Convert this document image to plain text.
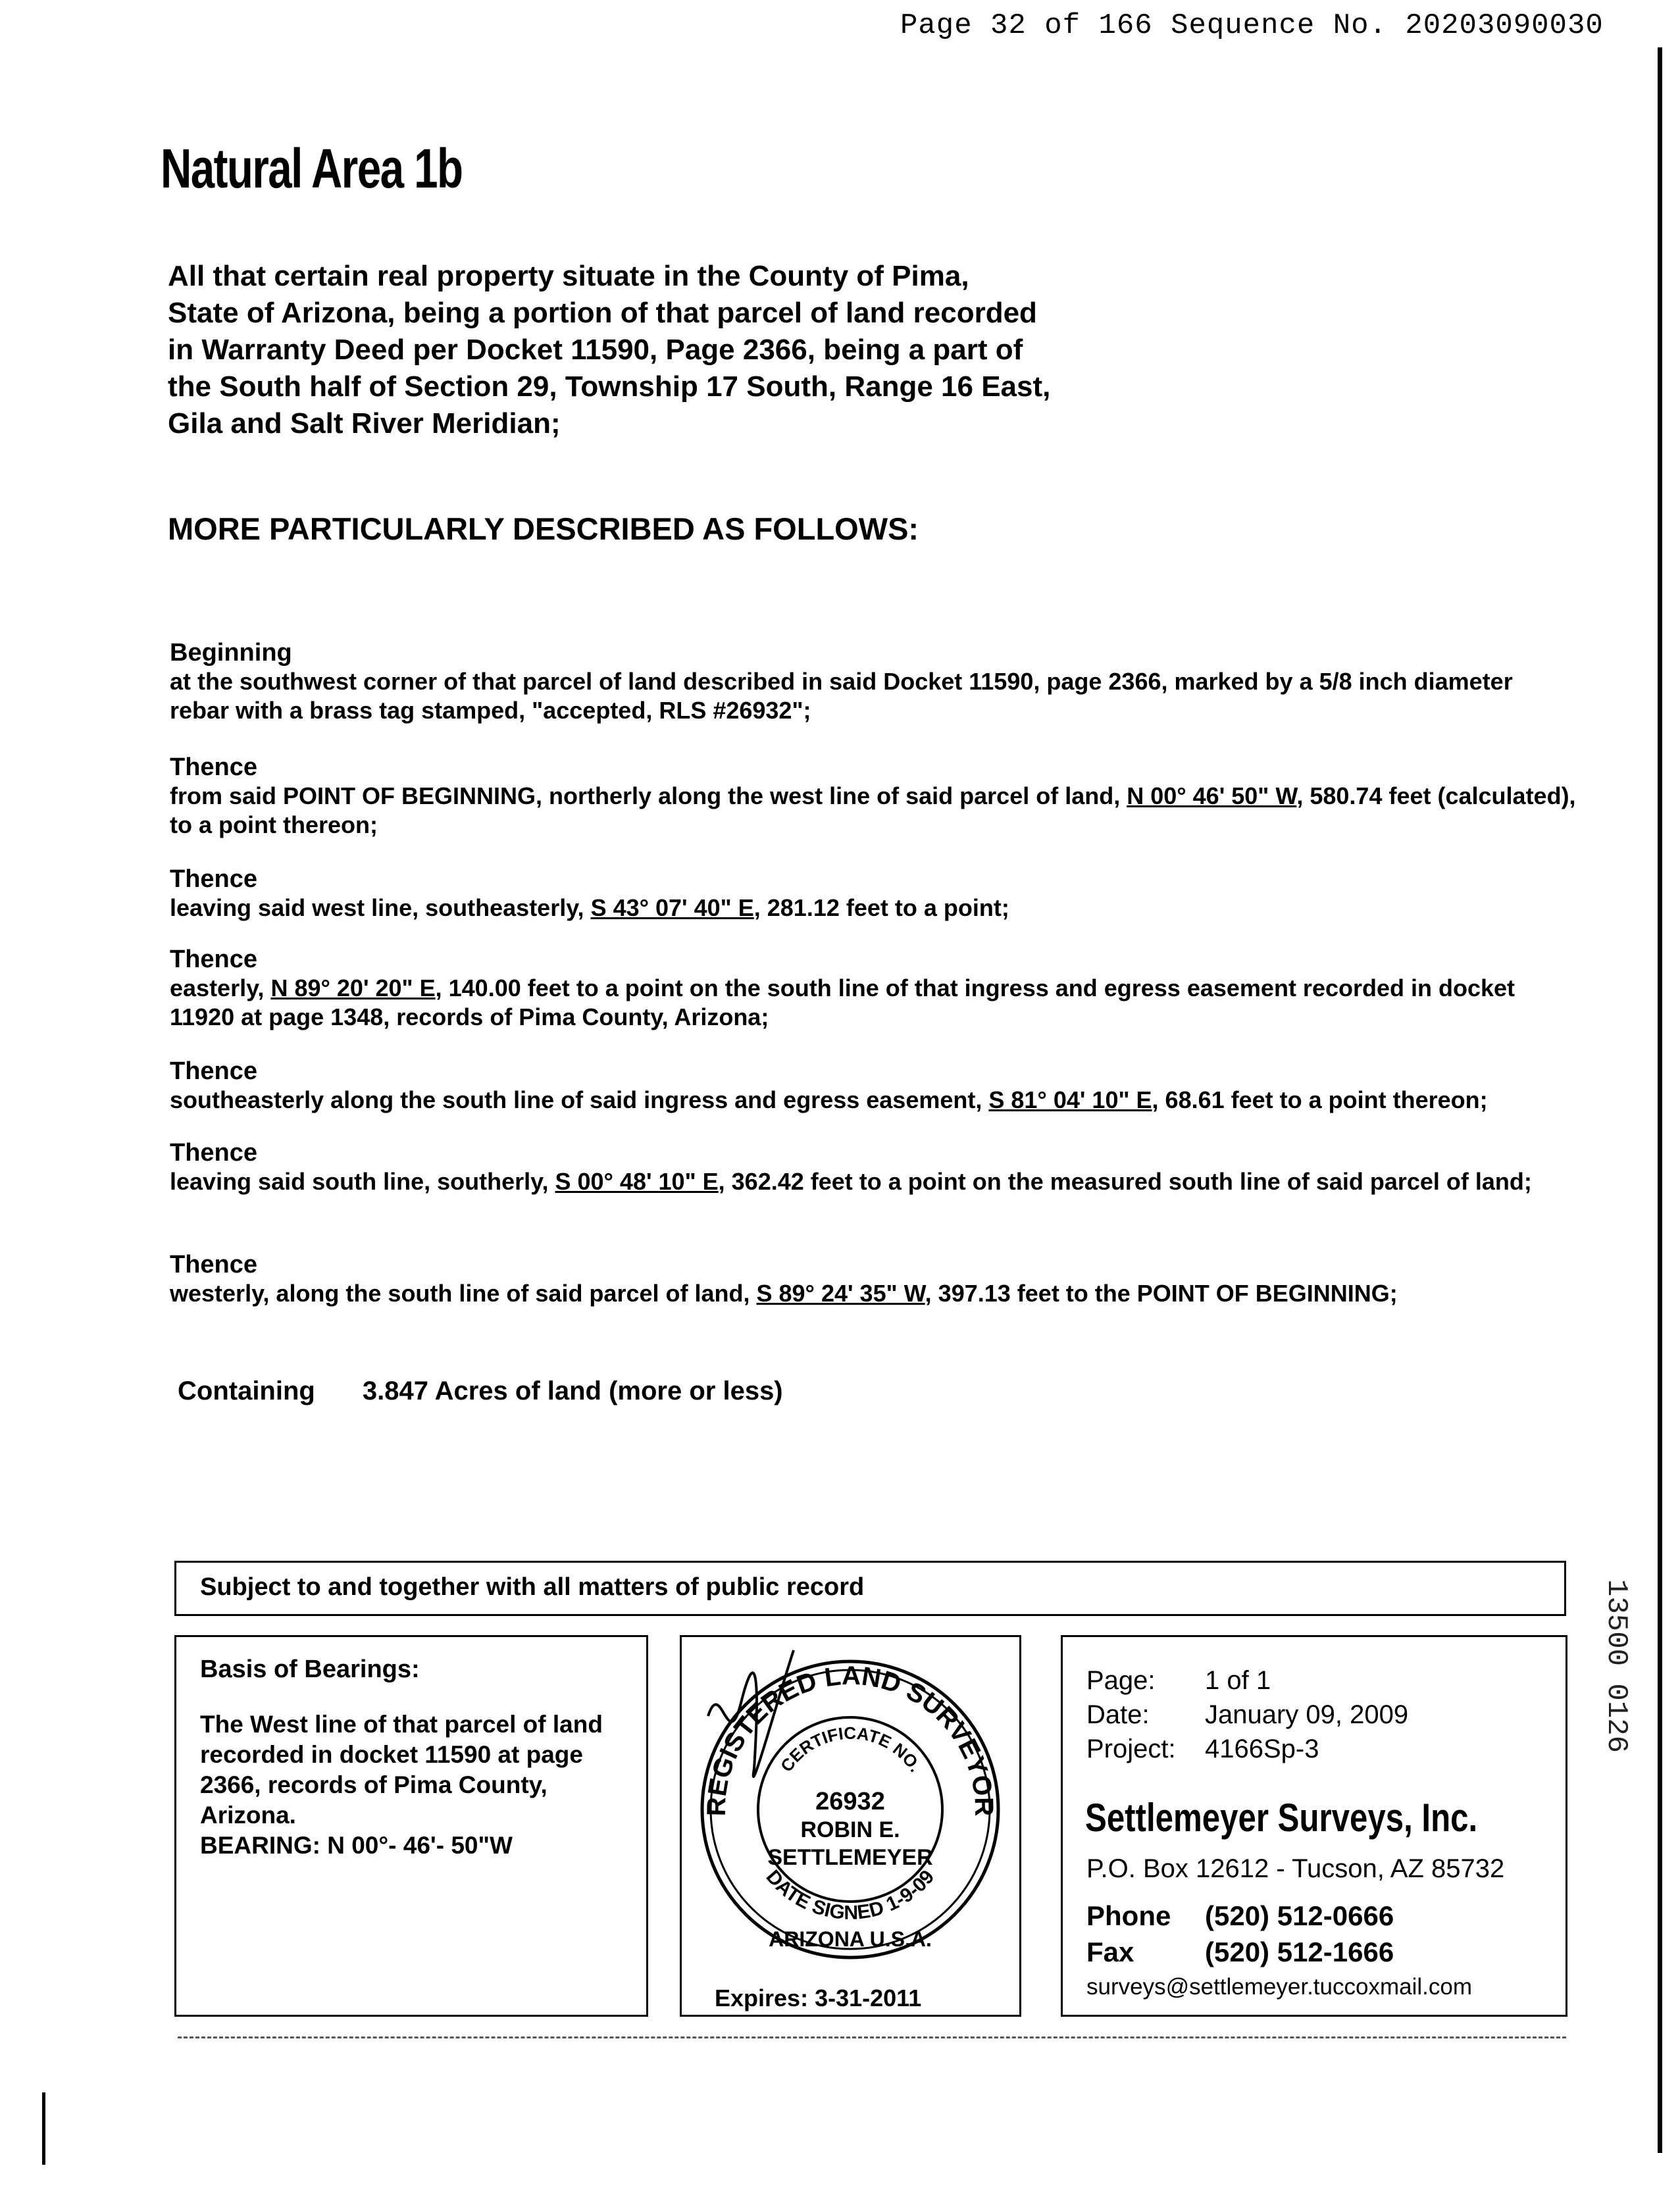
Page 32 of 166 Sequence No. 20203090030
Natural Area 1b
All that certain real property situate in the County of Pima,
State of Arizona, being a portion of that parcel of land recorded
in Warranty Deed per Docket 11590, Page 2366, being a part of
the South half of Section 29, Township 17 South, Range 16 East,
Gila and Salt River Meridian;
MORE PARTICULARLY DESCRIBED AS FOLLOWS:
Beginning
at the southwest corner of that parcel of land described in said Docket 11590, page 2366, marked by a 5/8 inch diameter rebar with a brass tag stamped, "accepted, RLS #26932";
Thence
from said POINT OF BEGINNING, northerly along the west line of said parcel of land, N 00° 46' 50" W, 580.74 feet (calculated), to a point thereon;
Thence
leaving said west line, southeasterly, S 43° 07' 40" E, 281.12 feet to a point;
Thence
easterly, N 89° 20' 20" E, 140.00 feet to a point on the south line of that ingress and egress easement recorded in docket 11920 at page 1348, records of Pima County, Arizona;
Thence
southeasterly along the south line of said ingress and egress easement, S 81° 04' 10" E, 68.61 feet to a point thereon;
Thence
leaving said south line, southerly, S 00° 48' 10" E, 362.42 feet to a point on the measured south line of said parcel of land;
Thence
westerly, along the south line of said parcel of land, S 89° 24' 35" W, 397.13 feet to the POINT OF BEGINNING;
Containing 3.847 Acres of land (more or less)
Subject to and together with all matters of public record
Basis of Bearings:
The West line of that parcel of land
recorded in docket 11590 at page
2366, records of Pima County,
Arizona.
BEARING: N 00°- 46'- 50"W
REGISTERED LAND SURVEYOR
CERTIFICATE NO.
DATE SIGNED 1-9-09
26932
ROBIN E.
SETTLEMEYER
ARIZONA U.S.A.
Expires: 3-31-2011
Page: 1 of 1
Date: January 09, 2009
Project: 4166Sp-3
Settlemeyer Surveys, Inc.
P.O. Box 12612 - Tucson, AZ 85732
Phone (520) 512-0666
Fax	(520) 512-1666
surveys@settlemeyer.tuccoxmail.com
13500 0126
